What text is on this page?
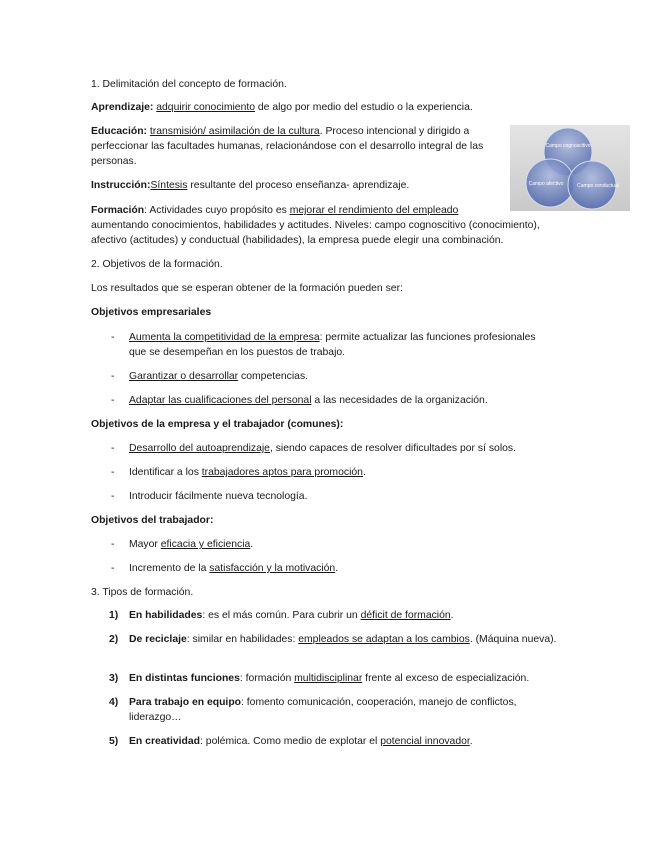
1. Delimitación del concepto de formación.

Aprendizaje: adquirir conocimiento de algo por medio del estudio o la experiencia.

Educación: transmisión/ asimilación de la cultura. Proceso intencional y dirigido a

perfeccionar las facultades humanas, relacionándose con el desarrollo integral de las

personas.

Instrucción:Síntesis resultante del proceso enseñanza- aprendizaje.

Formación: Actividades cuyo propósito es mejorar el rendimiento del empleado

aumentando conocimientos, habilidades y actitudes. Niveles: campo cognoscitivo (conocimiento),

afectivo (actitudes) y conductual (habilidades), la empresa puede elegir una combinación.

2. Objetivos de la formación.

Los resultados que se esperan obtener de la formación pueden ser:

Objetivos empresariales

- Aumenta la competitividad de la empresa: permite actualizar las funciones profesionales

que se desempeñan en los puestos de trabajo.

- Garantizar o desarrollar competencias.

- Adaptar las cualificaciones del personal a las necesidades de la organización.

Objetivos de la empresa y el trabajador (comunes):

- Desarrollo del autoaprendizaje, siendo capaces de resolver dificultades por sí solos.

- Identificar a los trabajadores aptos para promoción.

- Introducir fácilmente nueva tecnología.

Objetivos del trabajador:

- Mayor eficacia y eficiencia.

- Incremento de la satisfacción y la motivación.

3. Tipos de formación.

1) En habilidades: es el más común. Para cubrir un déficit de formación.

2) De reciclaje: similar en habilidades: empleados se adaptan a los cambios. (Máquina nueva).

3) En distintas funciones: formación multidisciplinar frente al exceso de especialización.

4) Para trabajo en equipo: fomento comunicación, cooperación, manejo de conflictos, liderazgo…

5) En creatividad: polémica. Como medio de explotar el potencial innovador.

Campo cognoscitivo
Campo afectivo	Campo conductual
